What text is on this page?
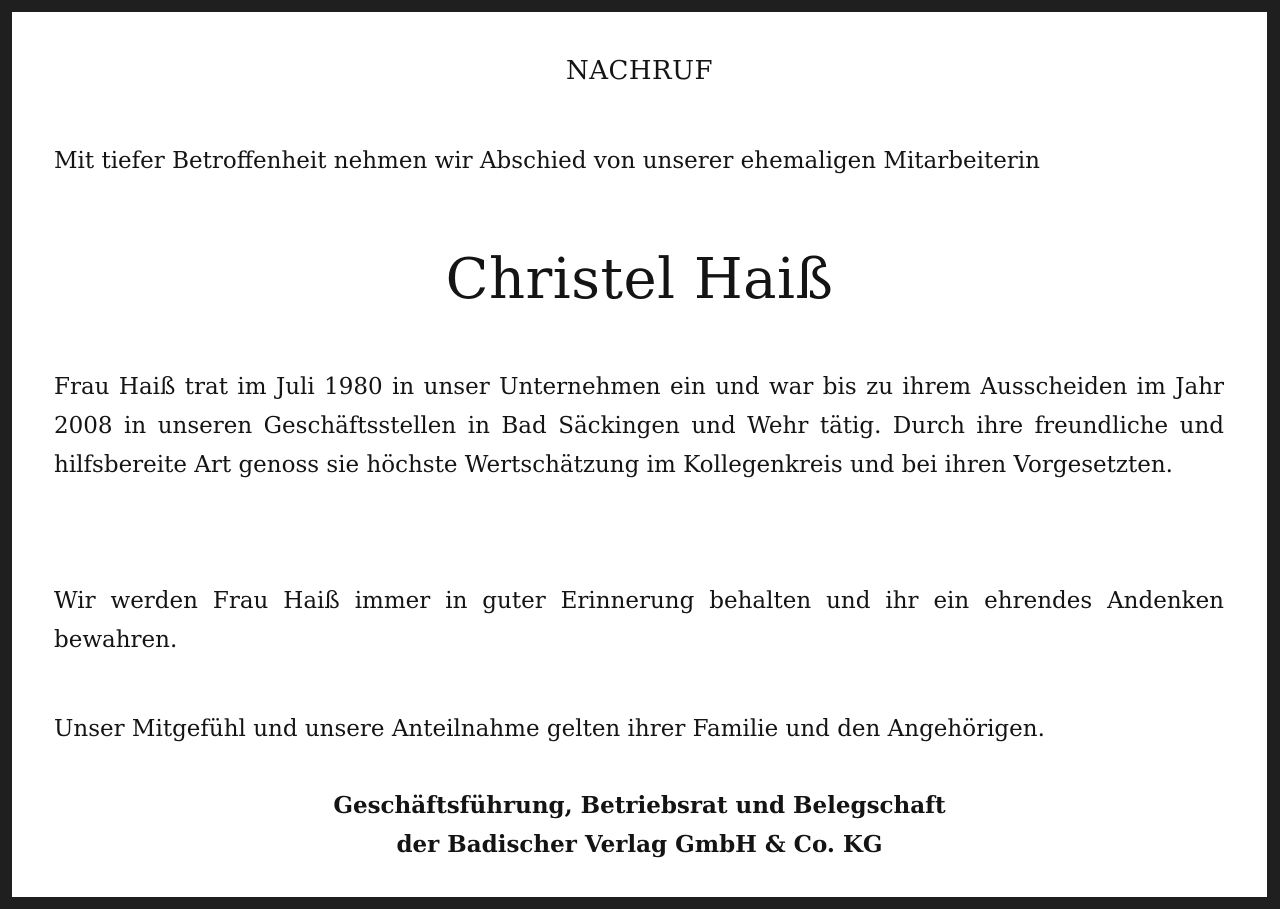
NACHRUF
Mit tiefer Betroffenheit nehmen wir Abschied von unserer ehemaligen Mitarbeiterin
Christel Haiß
Frau Haiß trat im Juli 1980 in unser Unternehmen ein und war bis zu ihrem Ausscheiden im Jahr 2008 in unseren Geschäftsstellen in Bad Säckingen und Wehr tätig. Durch ihre freundliche und hilfsbereite Art genoss sie höchste Wertschätzung im Kollegenkreis und bei ihren Vorgesetzten.
Wir werden Frau Haiß immer in guter Erinnerung behalten und ihr ein ehrendes Andenken bewahren.
Unser Mitgefühl und unsere Anteilnahme gelten ihrer Familie und den Angehörigen.
Geschäftsführung, Betriebsrat und Belegschaft
der Badischer Verlag GmbH & Co. KG
